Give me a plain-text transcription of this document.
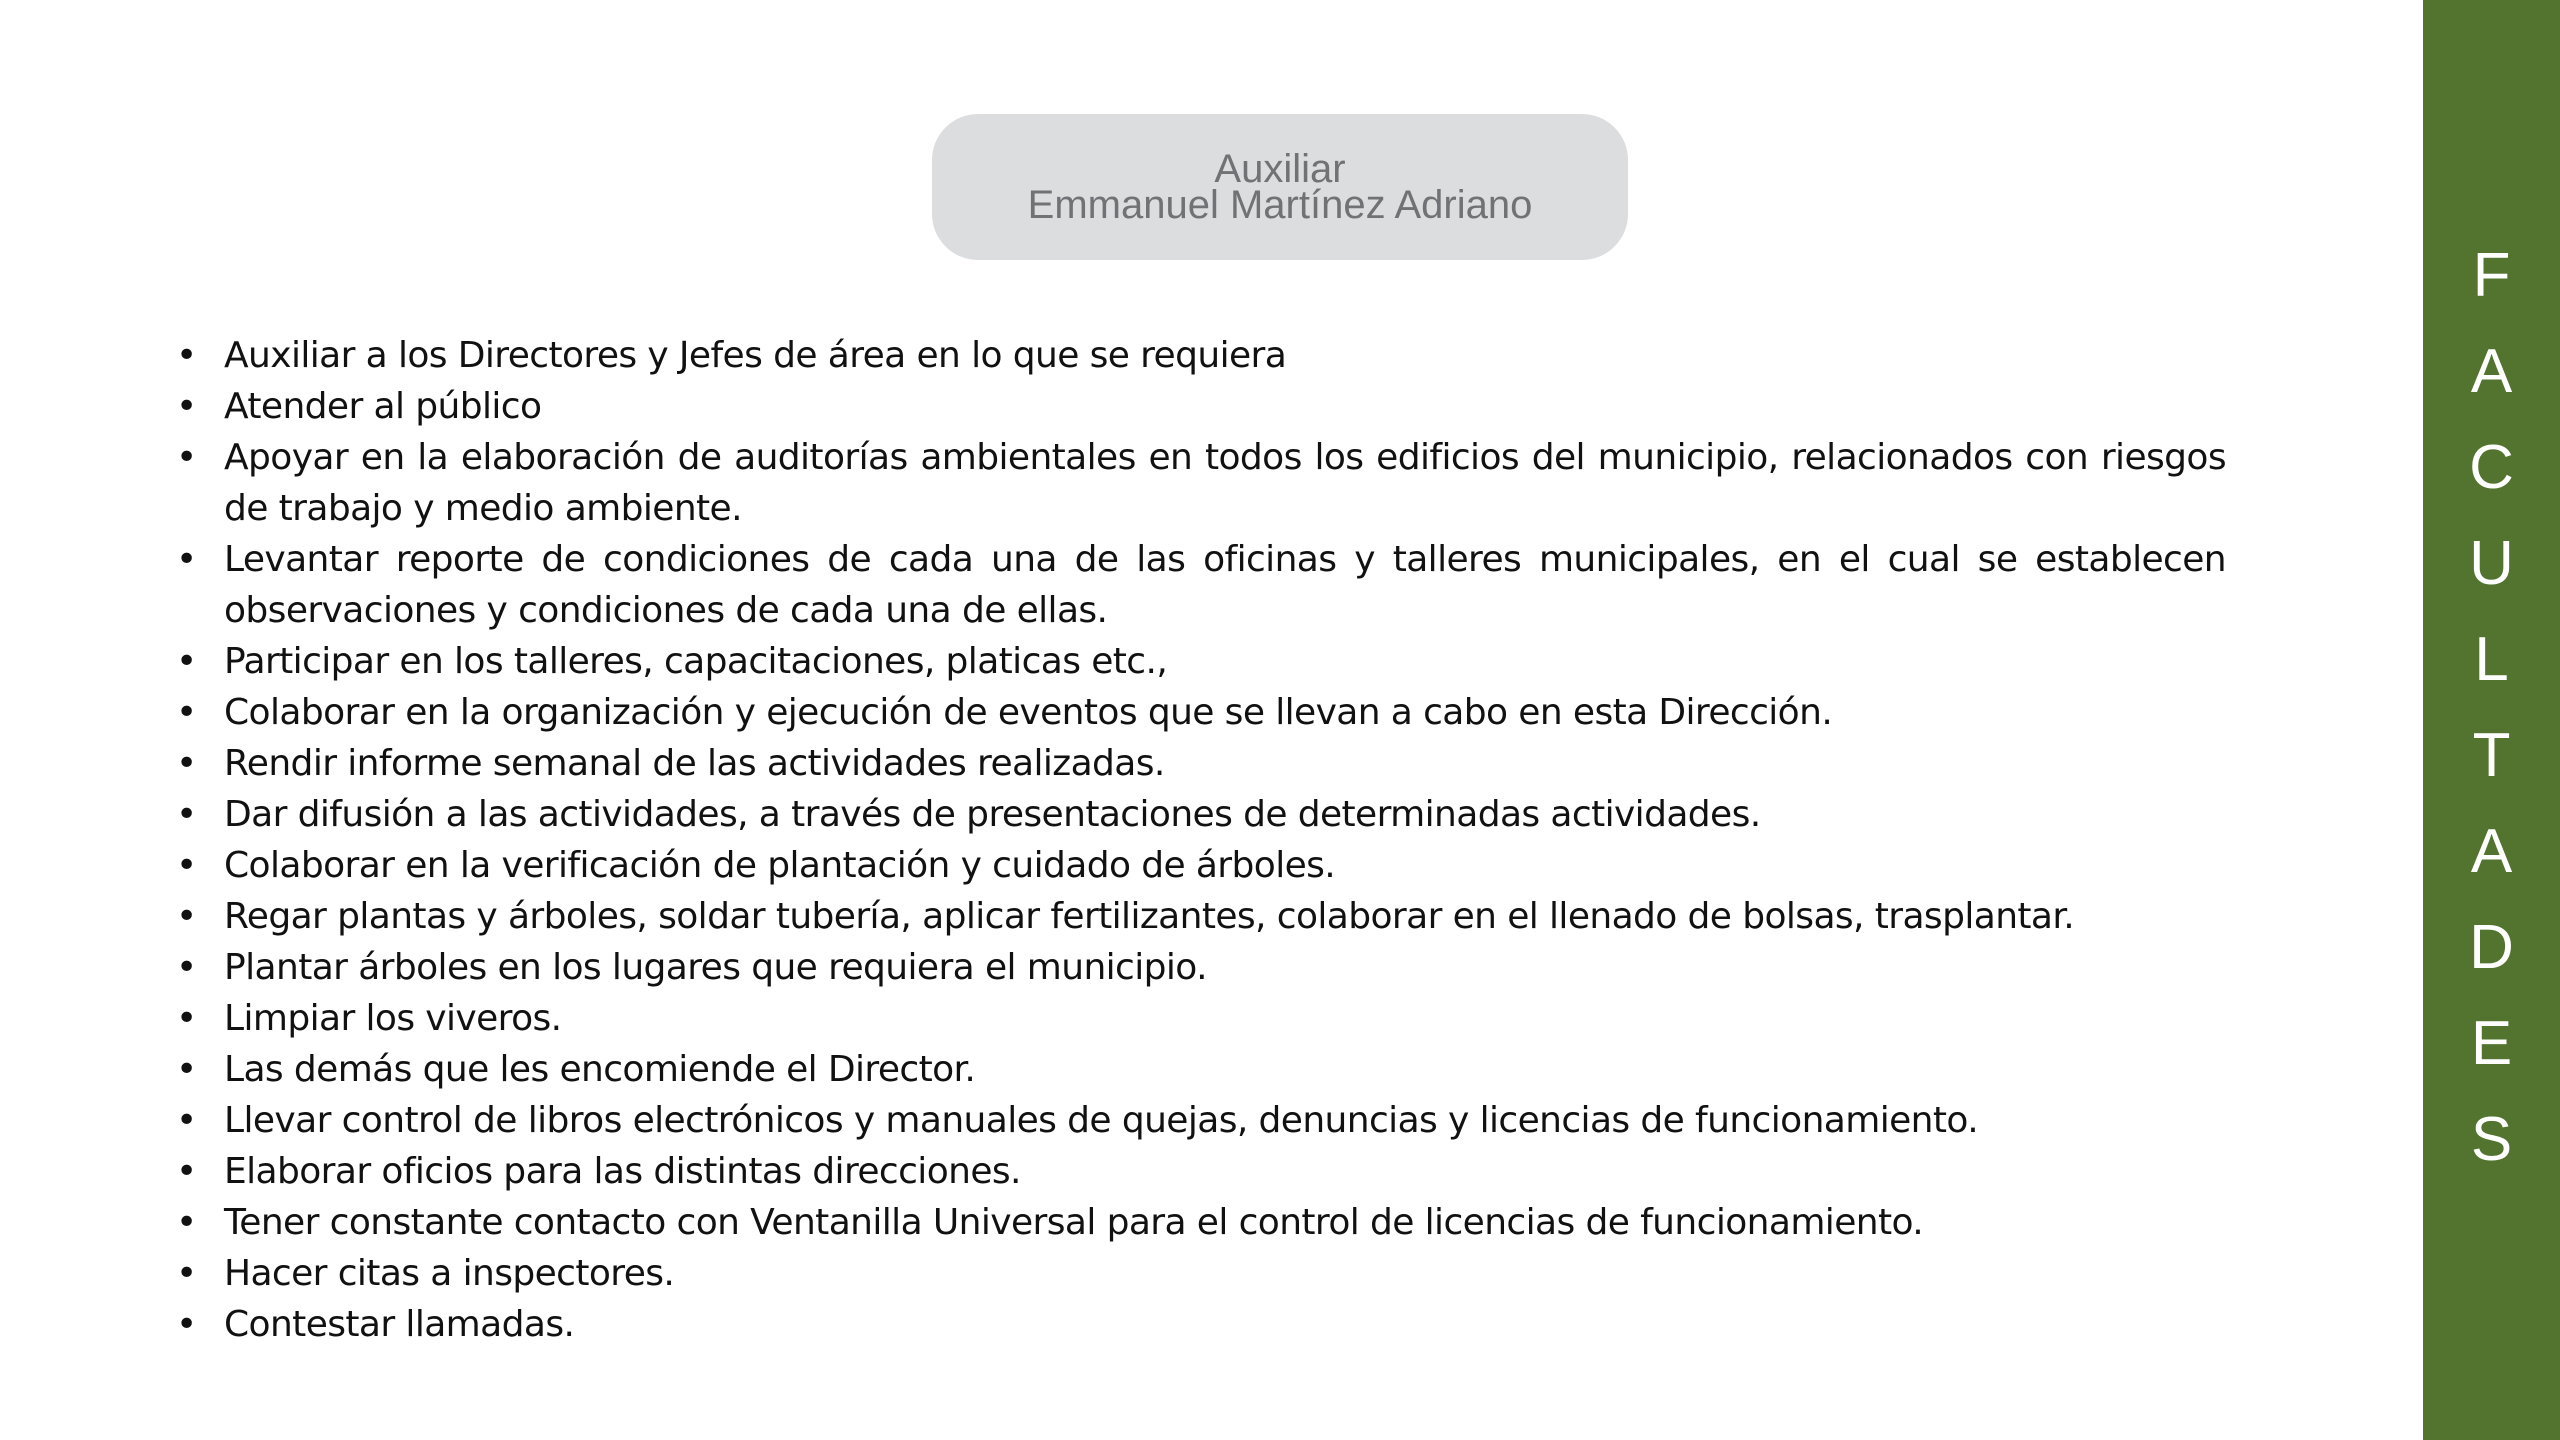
Auxiliar
Emmanuel Martínez Adriano
• Auxiliar a los Directores y Jefes de área en lo que se requiera
• Atender al público
• Apoyar en la elaboración de auditorías ambientales en todos los edificios del municipio, relacionados con riesgos de trabajo y medio ambiente.
• Levantar reporte de condiciones de cada una de las oficinas y talleres municipales, en el cual se establecen observaciones y condiciones de cada una de ellas.
• Participar en los talleres, capacitaciones, platicas etc.,
• Colaborar en la organización y ejecución de eventos que se llevan a cabo en esta Dirección.
• Rendir informe semanal de las actividades realizadas.
• Dar difusión a las actividades, a través de presentaciones de determinadas actividades.
• Colaborar en la verificación de plantación y cuidado de árboles.
• Regar plantas y árboles, soldar tubería, aplicar fertilizantes, colaborar en el llenado de bolsas, trasplantar.
• Plantar árboles en los lugares que requiera el municipio.
• Limpiar los viveros.
• Las demás que les encomiende el Director.
• Llevar control de libros electrónicos y manuales de quejas, denuncias y licencias de funcionamiento.
• Elaborar oficios para las distintas direcciones.
• Tener constante contacto con Ventanilla Universal para el control de licencias de funcionamiento.
• Hacer citas a inspectores.
• Contestar llamadas.
F
A
C
U
L
T
A
D
E
S
